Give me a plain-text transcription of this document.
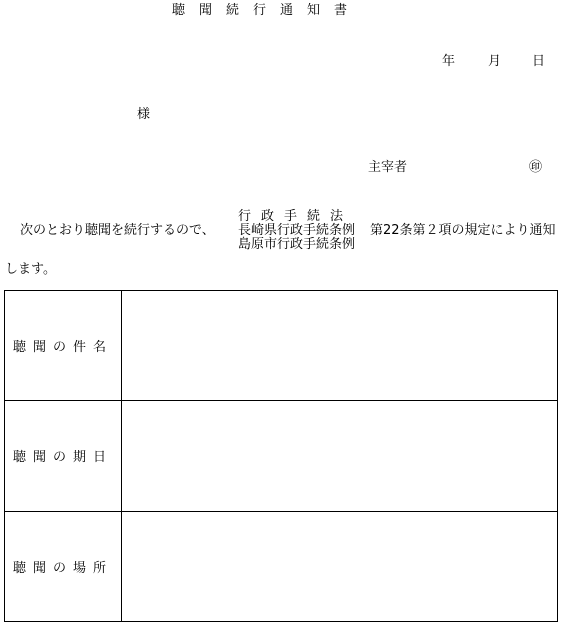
聴聞続行通知書
年	月 日
様
主宰者	㊞
行政手続法
長崎県行政手続条例
島原市行政手続条例
次のとおり聴聞を続行するので、	第22条第２項の規定により通知
します。
聴聞の件名	
聴聞の期日	
聴聞の場所	
